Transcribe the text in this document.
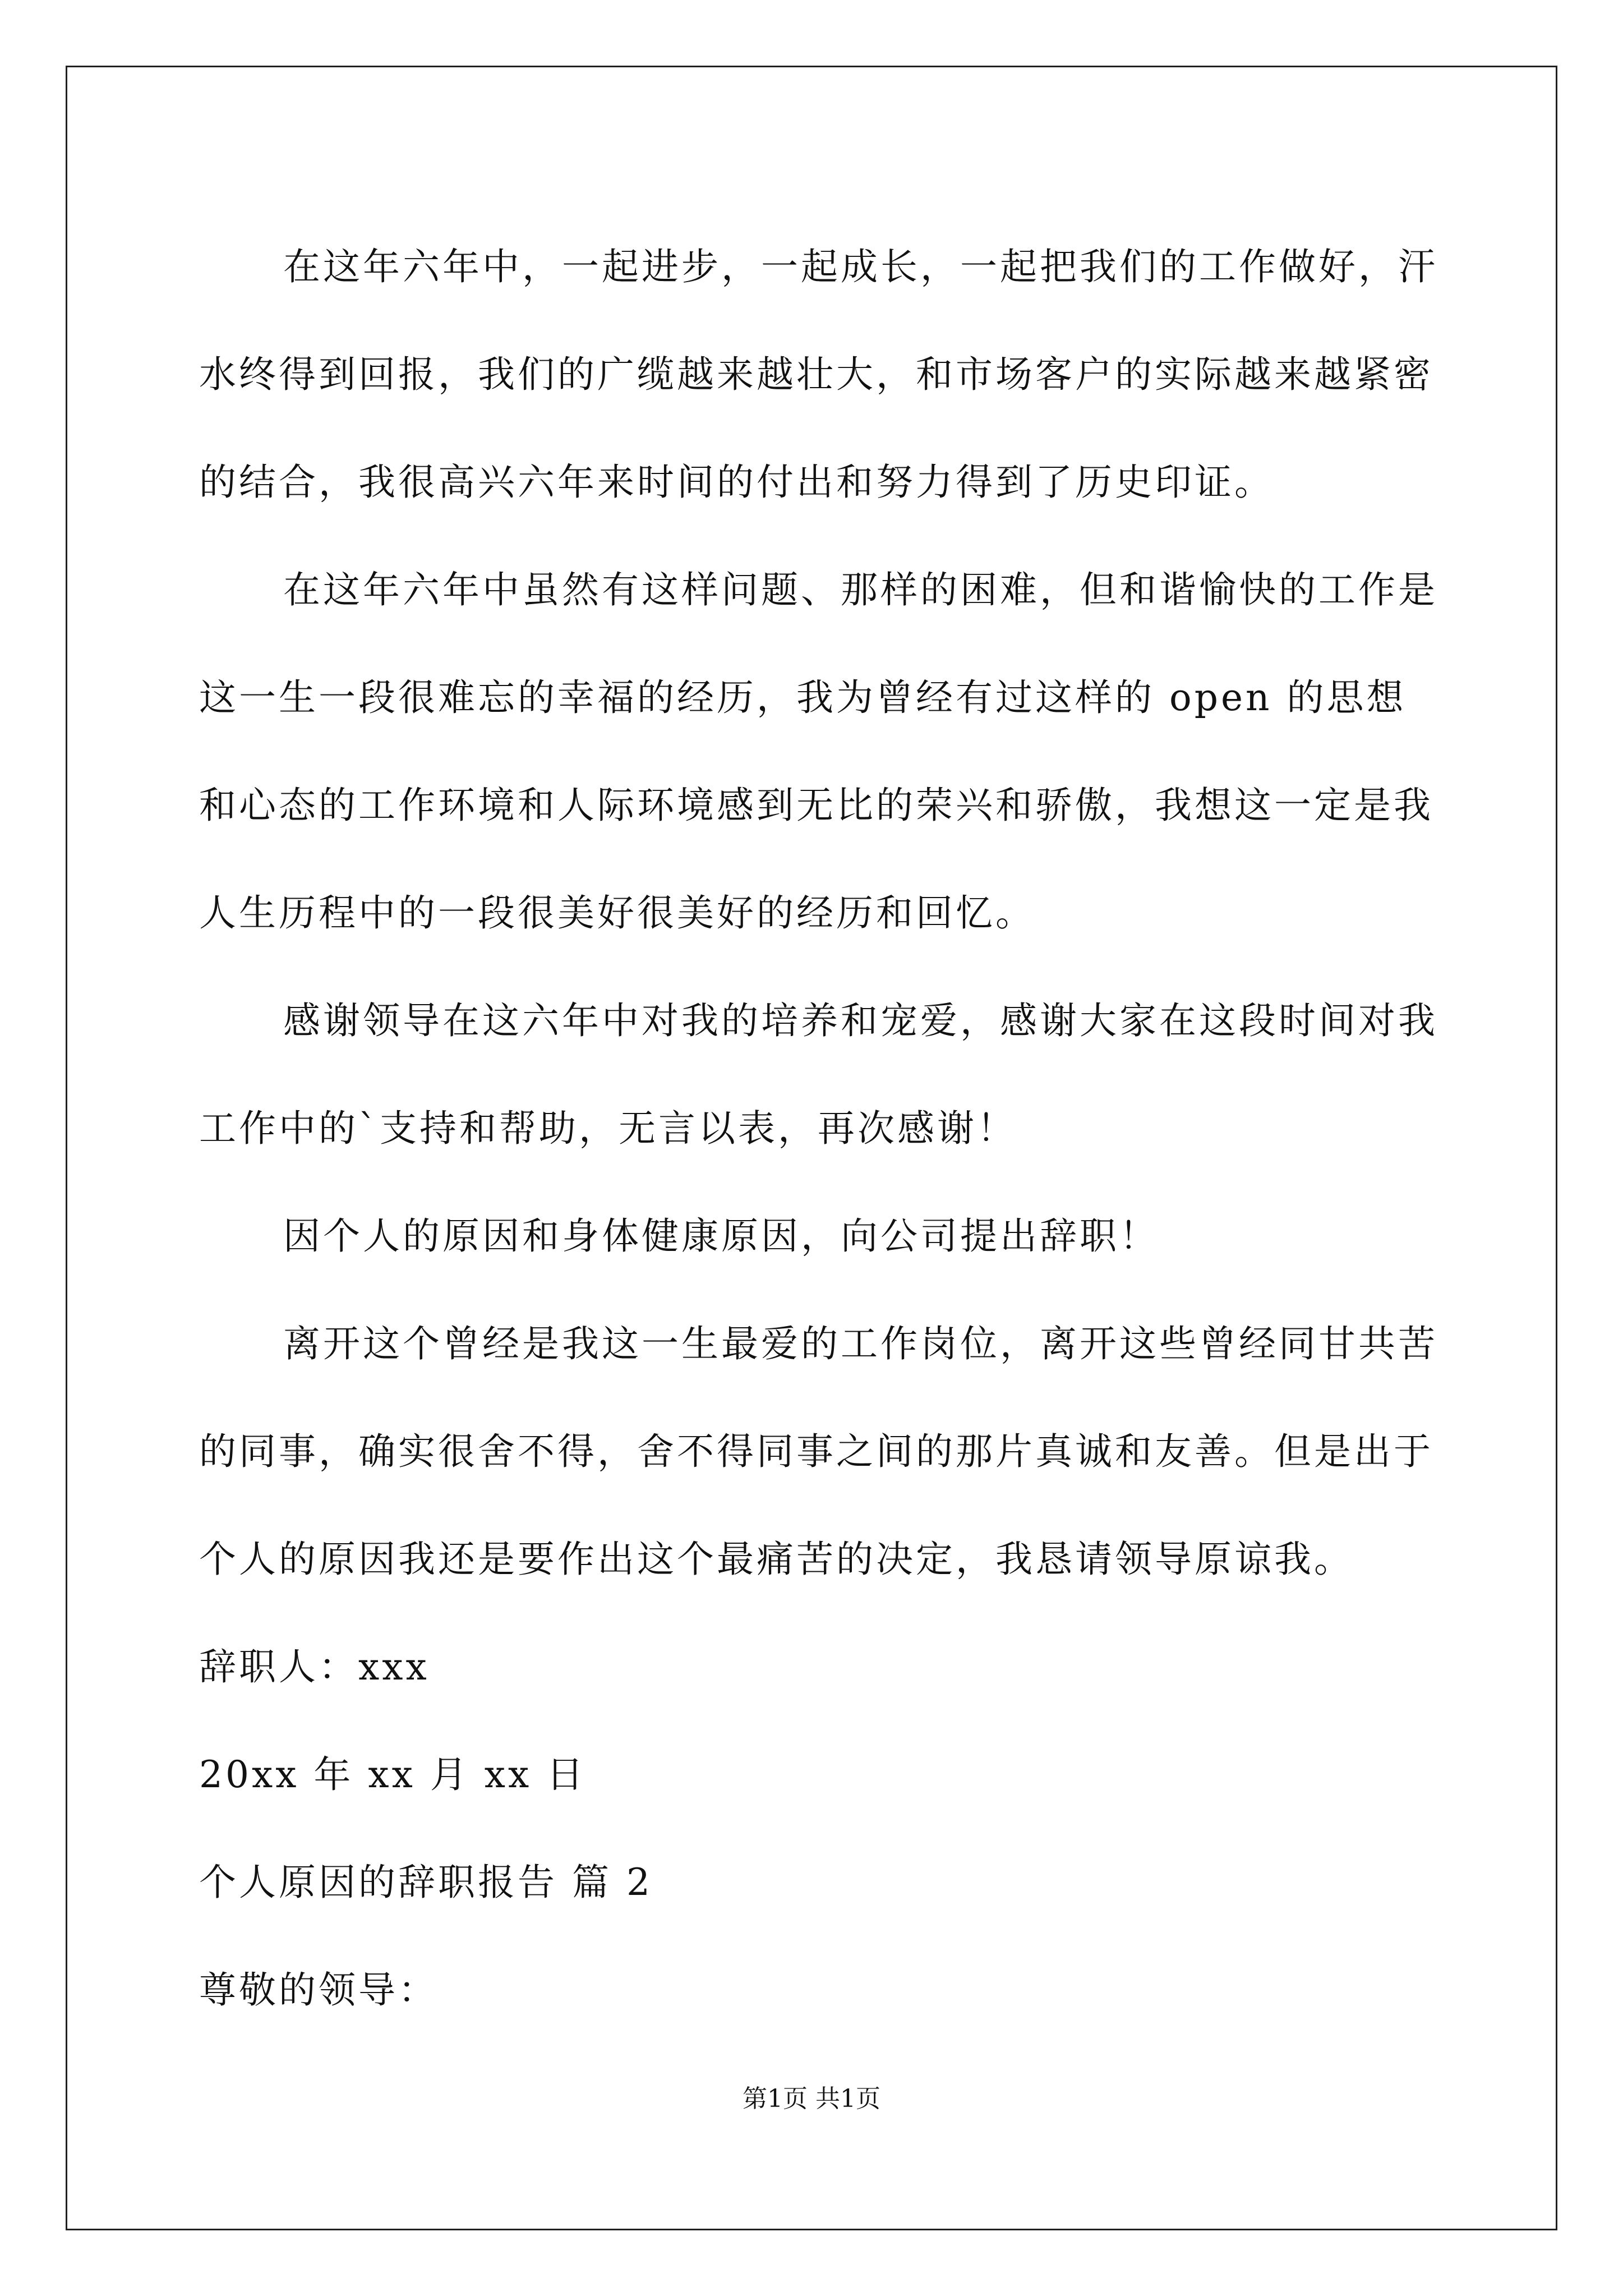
在这年六年中，一起进步，一起成长，一起把我们的工作做好，汗水终得到回报，我们的广缆越来越壮大，和市场客户的实际越来越紧密的结合，我很高兴六年来时间的付出和努力得到了历史印证。

在这年六年中虽然有这样问题、那样的困难，但和谐愉快的工作是这一生一段很难忘的幸福的经历，我为曾经有过这样的 open 的思想和心态的工作环境和人际环境感到无比的荣兴和骄傲，我想这一定是我人生历程中的一段很美好很美好的经历和回忆。

感谢领导在这六年中对我的培养和宠爱，感谢大家在这段时间对我工作中的`支持和帮助，无言以表，再次感谢！

因个人的原因和身体健康原因，向公司提出辞职！

离开这个曾经是我这一生最爱的工作岗位，离开这些曾经同甘共苦的同事，确实很舍不得，舍不得同事之间的那片真诚和友善。但是出于个人的原因我还是要作出这个最痛苦的决定，我恳请领导原谅我。

辞职人：xxx

20xx 年 xx 月 xx 日

个人原因的辞职报告 篇 2

尊敬的领导：

第1页 共1页
